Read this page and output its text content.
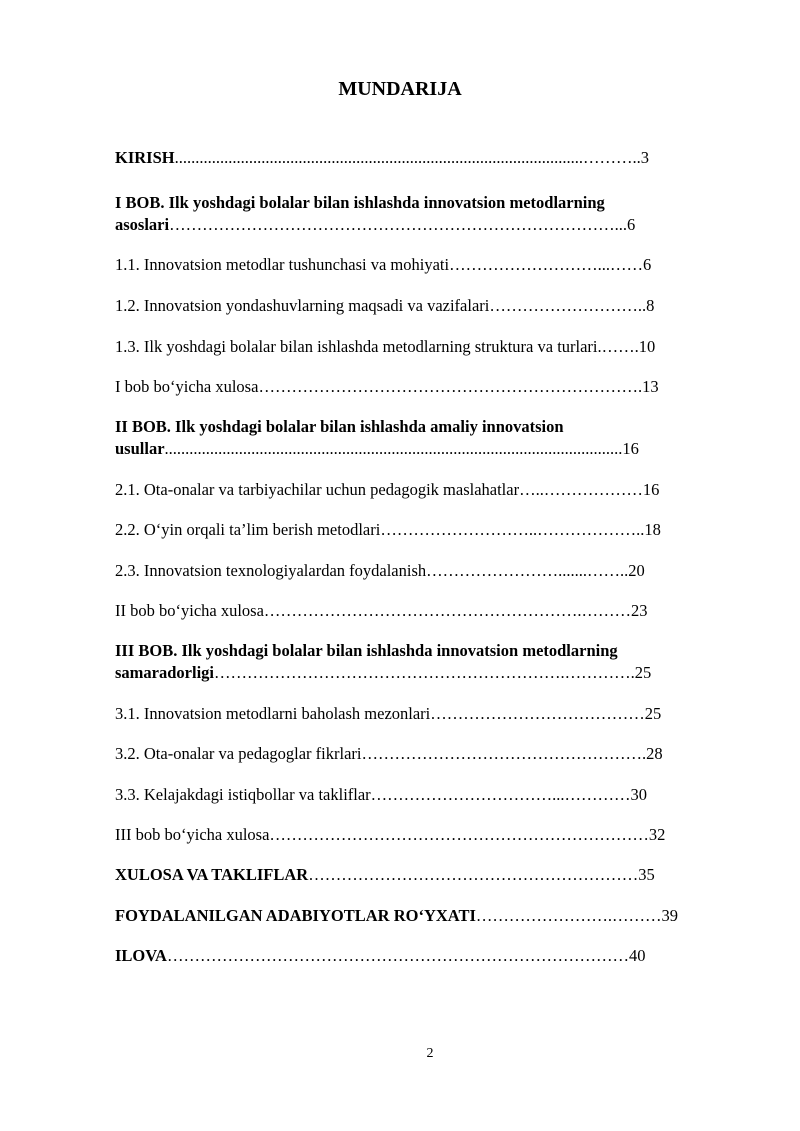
MUNDARIJA
KIRISH...................................................................................................………..3
I BOB. Ilk yoshdagi bolalar bilan ishlashda innovatsion metodlarning
asoslari………………………………………………………………………...6
1.1. Innovatsion metodlar tushunchasi va mohiyati………………………...……6
1.2. Innovatsion yondashuvlarning maqsadi va vazifalari………………………..8
1.3. Ilk yoshdagi bolalar bilan ishlashda metodlarning struktura va turlari.…….10
I bob bo‘yicha xulosa…………………………………………………………….13
II BOB. Ilk yoshdagi bolalar bilan ishlashda amaliy innovatsion
usullar...............................................................................................................16
2.1. Ota-onalar va tarbiyachilar uchun pedagogik maslahatlar…..………………16
2.2. O‘yin orqali ta’lim berish metodlari………………………..………………..18
2.3. Innovatsion texnologiyalardan foydalanish…………………….......……..20
II bob bo‘yicha xulosa………………………………………………….………23
III BOB. Ilk yoshdagi bolalar bilan ishlashda innovatsion metodlarning
samaradorligi……………………………………………………….………….25
3.1. Innovatsion metodlarni baholash mezonlari…………………………………25
3.2. Ota-onalar va pedagoglar fikrlari…………………………………………….28
3.3. Kelajakdagi istiqbollar va takliflar……………………………...…………30
III bob bo‘yicha xulosa……………………………………………………………32
XULOSA VA TAKLIFLAR……………………………………………………35
FOYDALANILGAN ADABIYOTLAR RO‘YXATI…………………….………39
ILOVA…………………………………………………………………………40
2
